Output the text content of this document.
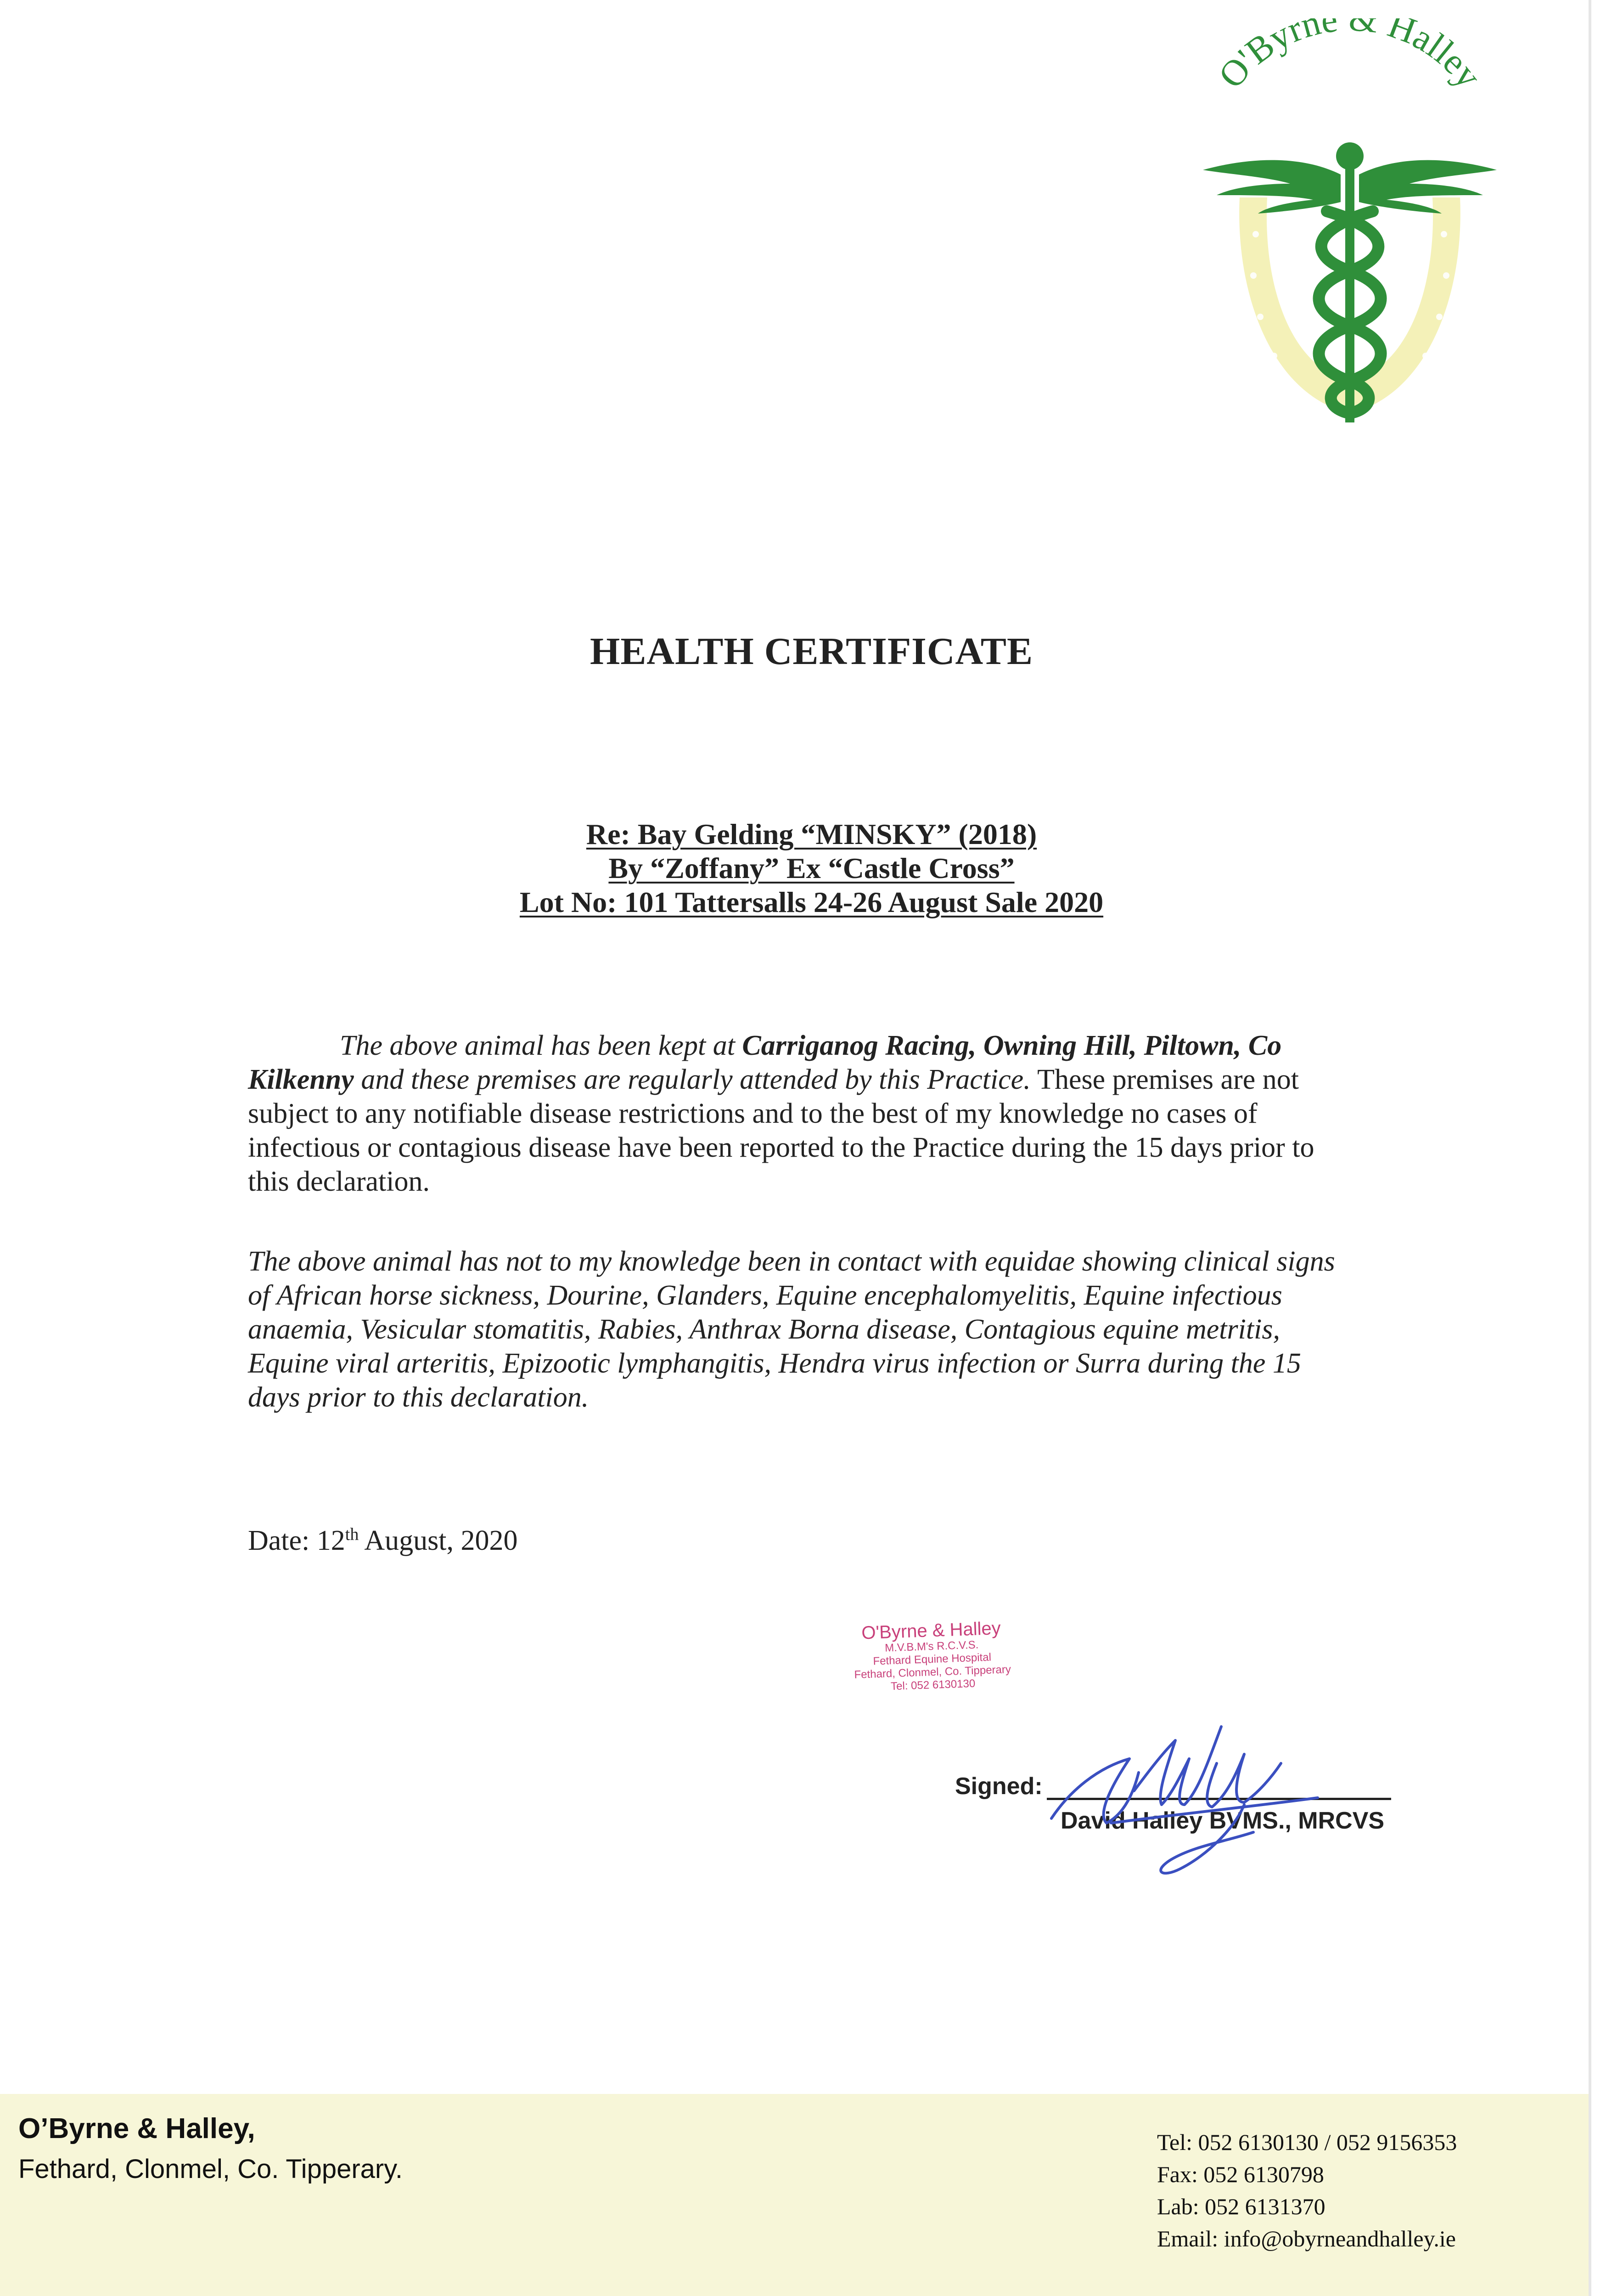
O'Byrne & Halley
HEALTH CERTIFICATE
Re: Bay Gelding “MINSKY” (2018)
By “Zoffany” Ex “Castle Cross”
Lot No: 101 Tattersalls 24-26 August Sale 2020
The above animal has been kept at Carriganog Racing, Owning Hill, Piltown, Co Kilkenny and these premises are regularly attended by this Practice. These premises are not subject to any notifiable disease restrictions and to the best of my knowledge no cases of infectious or contagious disease have been reported to the Practice during the 15 days prior to this declaration.
The above animal has not to my knowledge been in contact with equidae showing clinical signs of African horse sickness, Dourine, Glanders, Equine encephalomyelitis, Equine infectious anaemia, Vesicular stomatitis, Rabies, Anthrax Borna disease, Contagious equine metritis, Equine viral arteritis, Epizootic lymphangitis, Hendra virus infection or Surra during the 15 days prior to this declaration.
Date: 12th August, 2020
O'Byrne & Halley
M.V.B.M's R.C.V.S.
Fethard Equine Hospital
Fethard, Clonmel, Co. Tipperary
Tel: 052 6130130
Signed:
David Halley BVMS., MRCVS
O’Byrne & Halley,
Fethard, Clonmel, Co. Tipperary.
Tel: 052 6130130 / 052 9156353
Fax: 052 6130798
Lab: 052 6131370
Email: info@obyrneandhalley.ie
